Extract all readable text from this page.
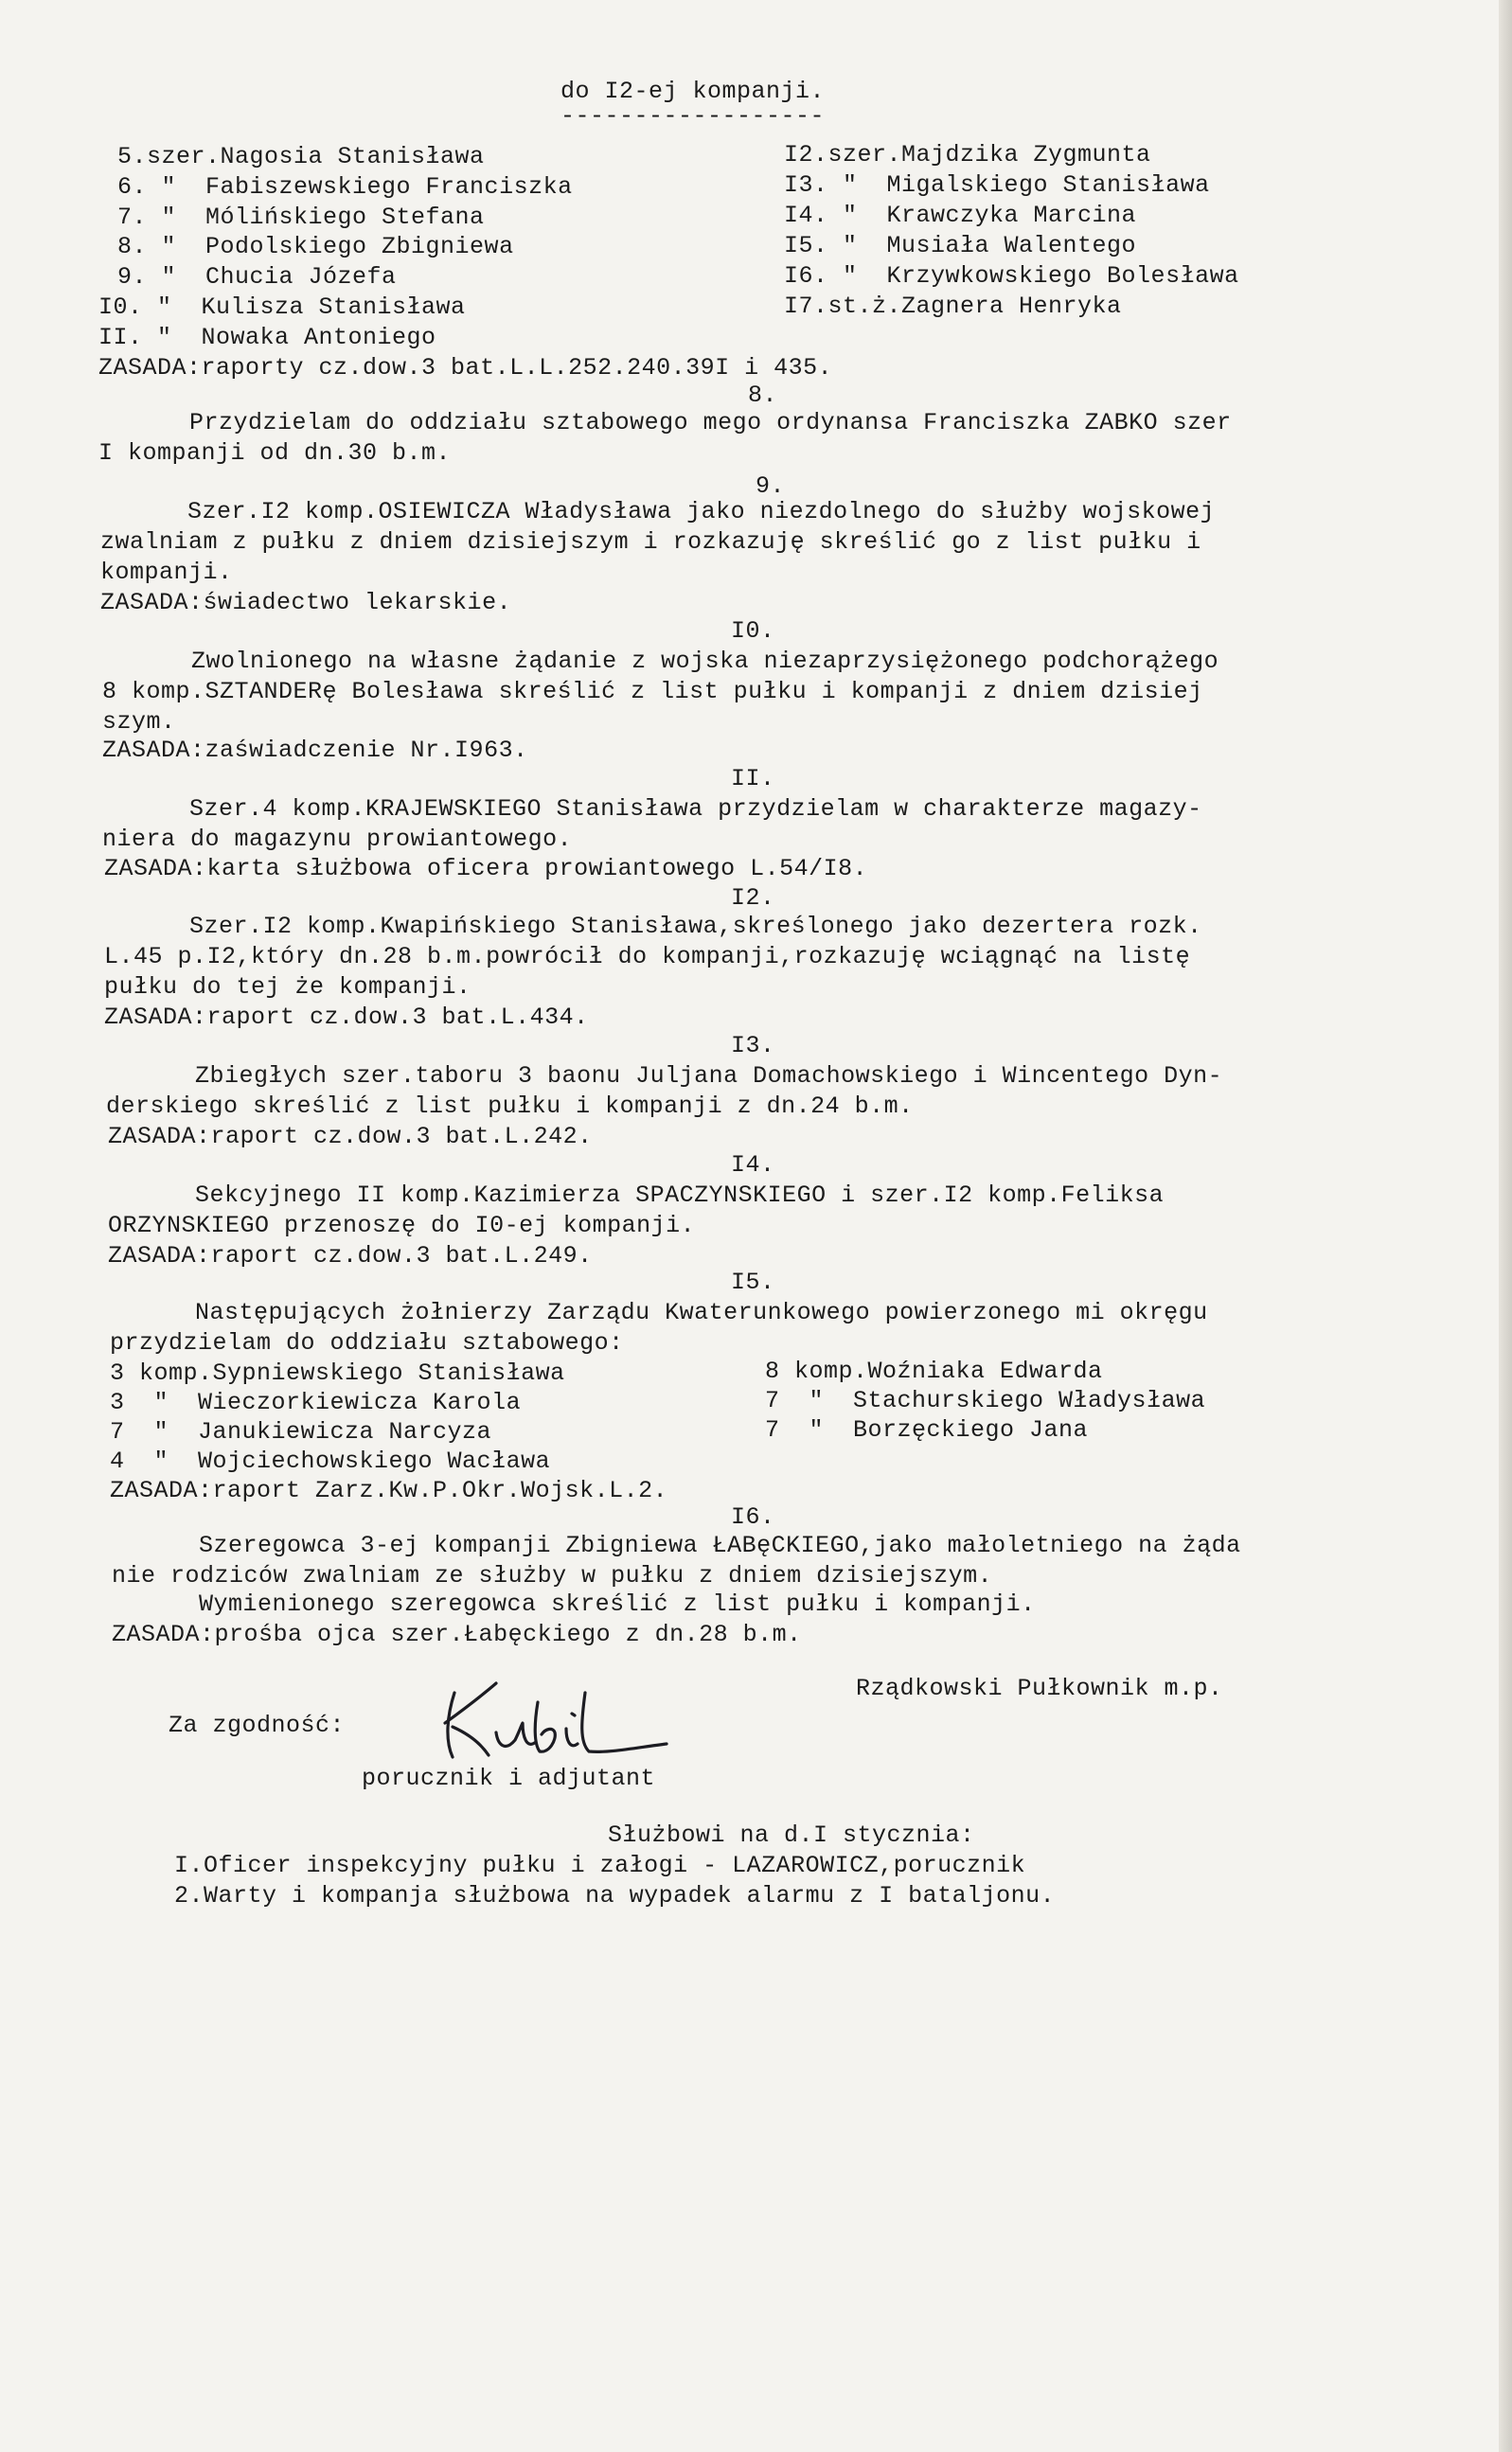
do I2-ej kompanji.
------------------
5.szer.Nagosia Stanisława
6. "  Fabiszewskiego Franciszka
7. "  Mólińskiego Stefana
8. "  Podolskiego Zbigniewa
9. "  Chucia Józefa
I0. "  Kulisza Stanisława
II. "  Nowaka Antoniego
I2.szer.Majdzika Zygmunta
I3. "  Migalskiego Stanisława
I4. "  Krawczyka Marcina
I5. "  Musiała Walentego
I6. "  Krzywkowskiego Bolesława
I7.st.ż.Zagnera Henryka
ZASADA:raporty cz.dow.3 bat.L.L.252.240.39I i 435.
8.
Przydzielam do oddziału sztabowego mego ordynansa Franciszka ZABKO szer
I kompanji od dn.30 b.m.
9.
Szer.I2 komp.OSIEWICZA Władysława jako niezdolnego do służby wojskowej
zwalniam z pułku z dniem dzisiejszym i rozkazuję skreślić go z list pułku i
kompanji.
ZASADA:świadectwo lekarskie.
I0.
Zwolnionego na własne żądanie z wojska niezaprzysiężonego podchorążego
8 komp.SZTANDERę Bolesława skreślić z list pułku i kompanji z dniem dzisiej
szym.
ZASADA:zaświadczenie Nr.I963.
II.
Szer.4 komp.KRAJEWSKIEGO Stanisława przydzielam w charakterze magazy-
niera do magazynu prowiantowego.
ZASADA:karta służbowa oficera prowiantowego L.54/I8.
I2.
Szer.I2 komp.Kwapińskiego Stanisława,skreślonego jako dezertera rozk.
L.45 p.I2,który dn.28 b.m.powrócił do kompanji,rozkazuję wciągnąć na listę
pułku do tej że kompanji.
ZASADA:raport cz.dow.3 bat.L.434.
I3.
Zbiegłych szer.taboru 3 baonu Juljana Domachowskiego i Wincentego Dyn-
derskiego skreślić z list pułku i kompanji z dn.24 b.m.
ZASADA:raport cz.dow.3 bat.L.242.
I4.
Sekcyjnego II komp.Kazimierza SPACZYNSKIEGO i szer.I2 komp.Feliksa
ORZYNSKIEGO przenoszę do I0-ej kompanji.
ZASADA:raport cz.dow.3 bat.L.249.
I5.
Następujących żołnierzy Zarządu Kwaterunkowego powierzonego mi okręgu
przydzielam do oddziału sztabowego:
3 komp.Sypniewskiego Stanisława
3  "  Wieczorkiewicza Karola
7  "  Janukiewicza Narcyza
4  "  Wojciechowskiego Wacława
8 komp.Woźniaka Edwarda
7  "  Stachurskiego Władysława
7  "  Borzęckiego Jana
ZASADA:raport Zarz.Kw.P.Okr.Wojsk.L.2.
I6.
Szeregowca 3-ej kompanji Zbigniewa ŁABęCKIEGO,jako małoletniego na żąda
nie rodziców zwalniam ze służby w pułku z dniem dzisiejszym.
Wymienionego szeregowca skreślić z list pułku i kompanji.
ZASADA:prośba ojca szer.Łabęckiego z dn.28 b.m.
Rządkowski Pułkownik m.p.
Za zgodność:
porucznik i adjutant
Służbowi na d.I stycznia:
I.Oficer inspekcyjny pułku i załogi - LAZAROWICZ,porucznik
2.Warty i kompanja służbowa na wypadek alarmu z I bataljonu.
